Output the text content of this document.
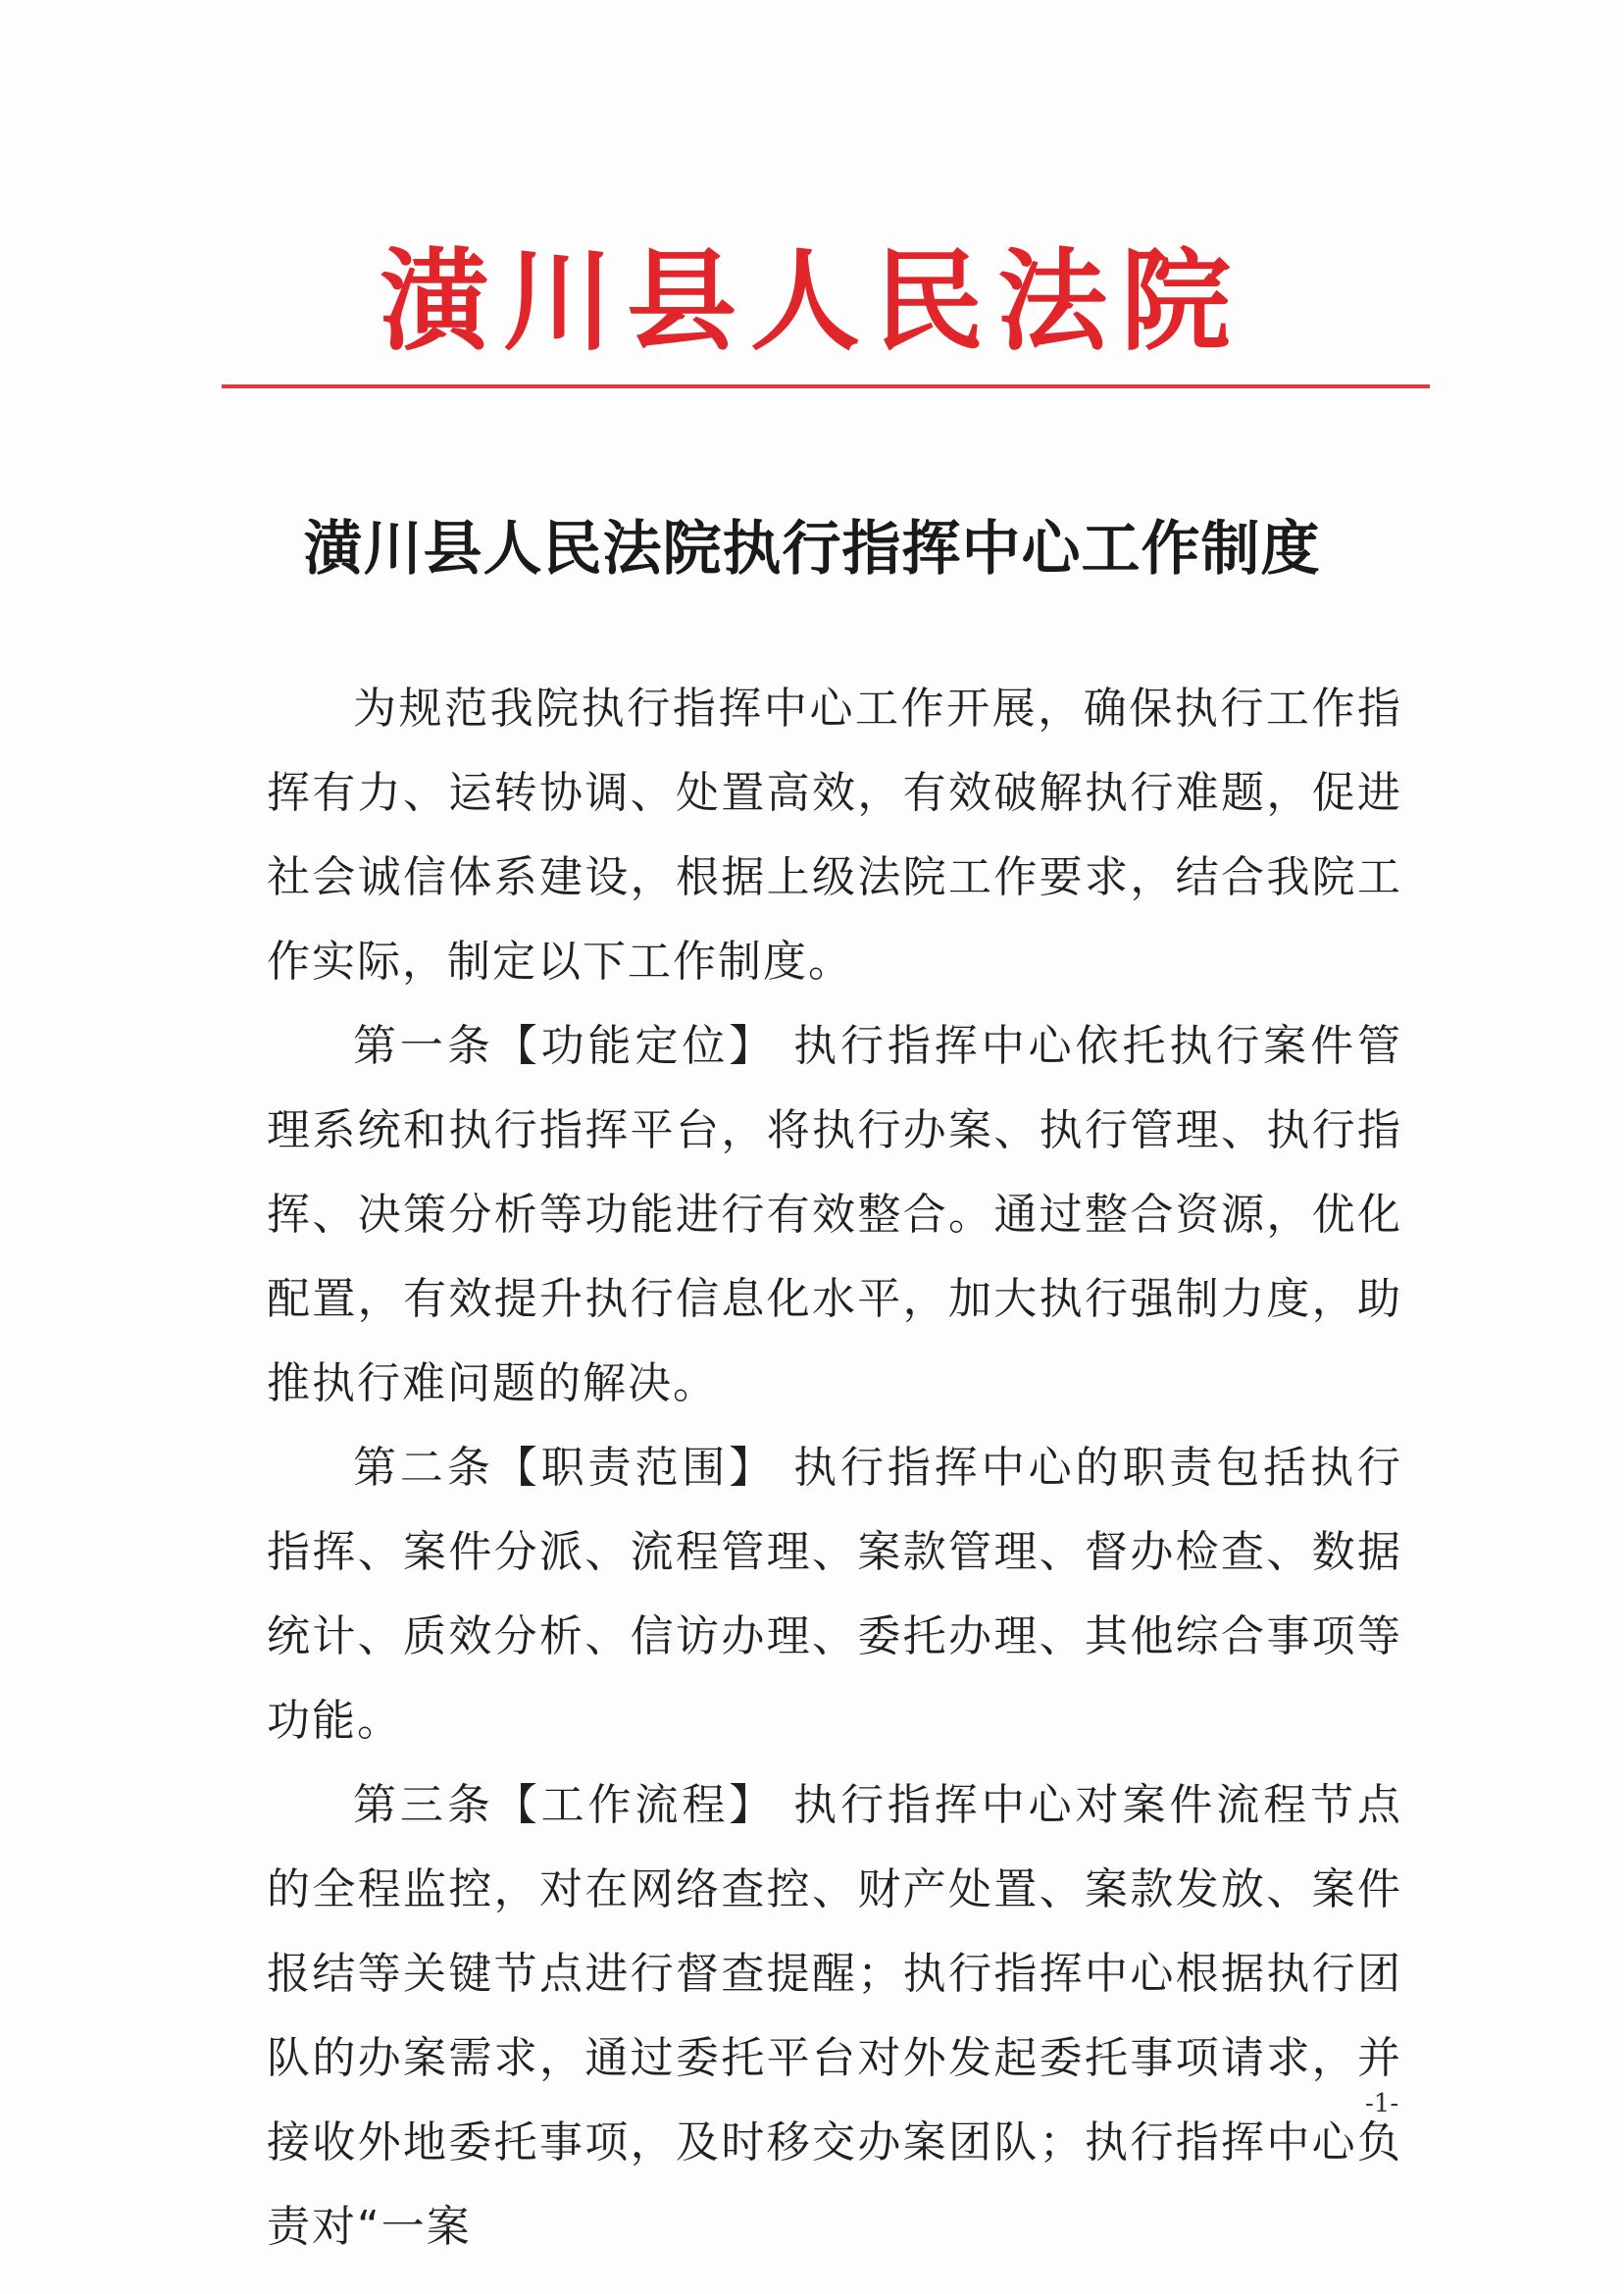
潢川县人民法院
潢川县人民法院执行指挥中心工作制度

为规范我院执行指挥中心工作开展，确保执行工作指挥有力、运转协调、处置高效，有效破解执行难题，促进社会诚信体系建设，根据上级法院工作要求，结合我院工作实际，制定以下工作制度。

第一条【功能定位】 执行指挥中心依托执行案件管理系统和执行指挥平台，将执行办案、执行管理、执行指挥、决策分析等功能进行有效整合。通过整合资源，优化配置，有效提升执行信息化水平，加大执行强制力度，助推执行难问题的解决。

第二条【职责范围】 执行指挥中心的职责包括执行指挥、案件分派、流程管理、案款管理、督办检查、数据统计、质效分析、信访办理、委托办理、其他综合事项等功能。

第三条【工作流程】 执行指挥中心对案件流程节点的全程监控，对在网络查控、财产处置、案款发放、案件报结等关键节点进行督查提醒；执行指挥中心根据执行团队的办案需求，通过委托平台对外发起委托事项请求，并接收外地委托事项，及时移交办案团队；执行指挥中心负责对“一案

-1-
